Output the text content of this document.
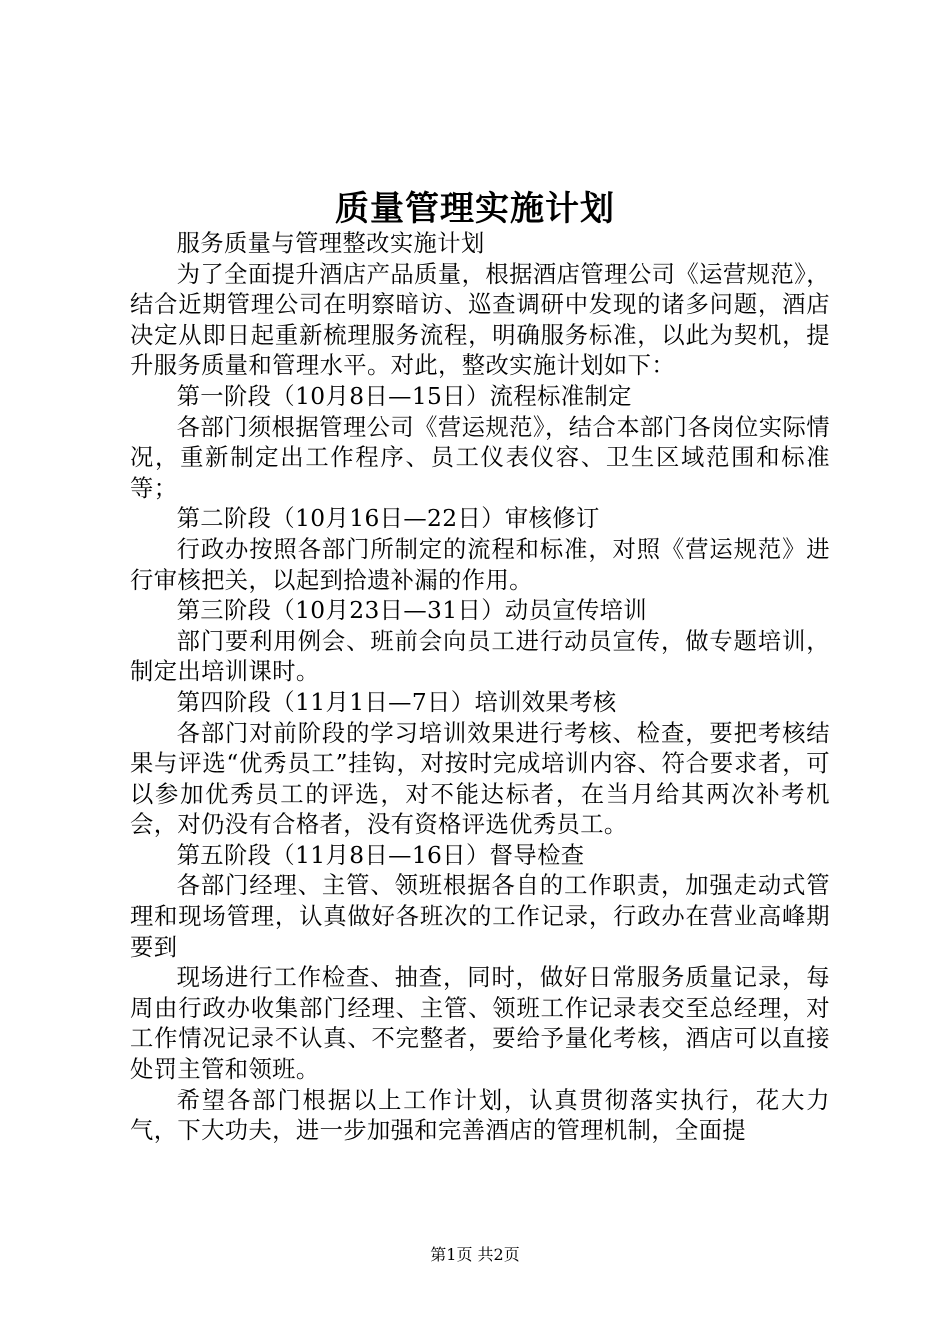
质量管理实施计划

服务质量与管理整改实施计划

为了全面提升酒店产品质量，根据酒店管理公司《运营规范》，结合近期管理公司在明察暗访、巡查调研中发现的诸多问题，酒店决定从即日起重新梳理服务流程，明确服务标准，以此为契机，提升服务质量和管理水平。对此，整改实施计划如下：

第一阶段（10月8日—15日）流程标准制定

各部门须根据管理公司《营运规范》，结合本部门各岗位实际情况，重新制定出工作程序、员工仪表仪容、卫生区域范围和标准等；

第二阶段（10月16日—22日）审核修订

行政办按照各部门所制定的流程和标准，对照《营运规范》进行审核把关，以起到拾遗补漏的作用。

第三阶段（10月23日—31日）动员宣传培训

部门要利用例会、班前会向员工进行动员宣传，做专题培训，制定出培训课时。

第四阶段（11月1日—7日）培训效果考核

各部门对前阶段的学习培训效果进行考核、检查，要把考核结果与评选“优秀员工”挂钩，对按时完成培训内容、符合要求者，可以参加优秀员工的评选，对不能达标者，在当月给其两次补考机会，对仍没有合格者，没有资格评选优秀员工。

第五阶段（11月8日—16日）督导检查

各部门经理、主管、领班根据各自的工作职责，加强走动式管理和现场管理，认真做好各班次的工作记录，行政办在营业高峰期要到

现场进行工作检查、抽查，同时，做好日常服务质量记录，每周由行政办收集部门经理、主管、领班工作记录表交至总经理，对工作情况记录不认真、不完整者，要给予量化考核，酒店可以直接处罚主管和领班。

希望各部门根据以上工作计划，认真贯彻落实执行，花大力气，下大功夫，进一步加强和完善酒店的管理机制，全面提

第1页 共2页
